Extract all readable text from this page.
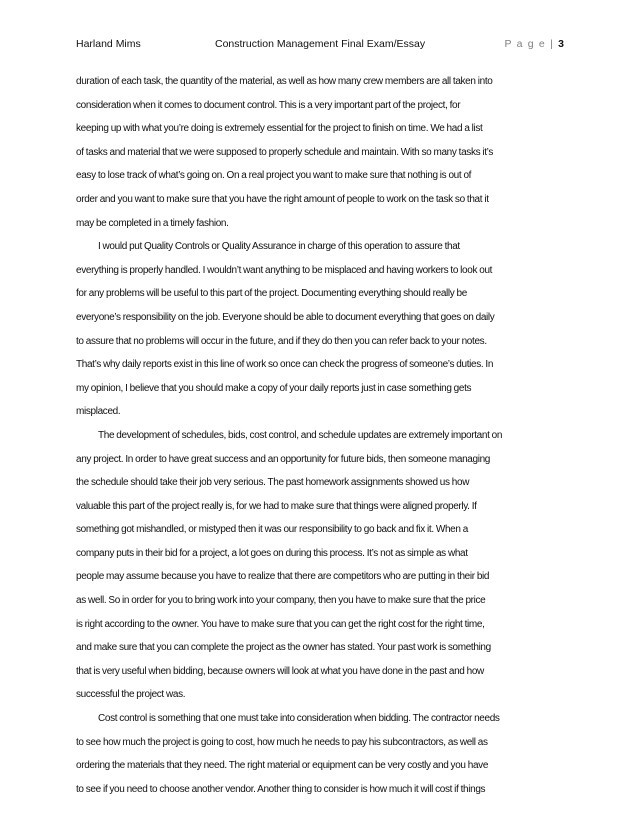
Harland Mims	Construction Management Final Exam/Essay	P a g e | 3

duration of each task, the quantity of the material, as well as how many crew members are all taken into
consideration when it comes to document control. This is a very important part of the project, for
keeping up with what you’re doing is extremely essential for the project to finish on time. We had a list
of tasks and material that we were supposed to properly schedule and maintain. With so many tasks it’s
easy to lose track of what’s going on. On a real project you want to make sure that nothing is out of
order and you want to make sure that you have the right amount of people to work on the task so that it
may be completed in a timely fashion.

I would put Quality Controls or Quality Assurance in charge of this operation to assure that
everything is properly handled. I wouldn’t want anything to be misplaced and having workers to look out
for any problems will be useful to this part of the project. Documenting everything should really be
everyone’s responsibility on the job. Everyone should be able to document everything that goes on daily
to assure that no problems will occur in the future, and if they do then you can refer back to your notes.
That’s why daily reports exist in this line of work so once can check the progress of someone’s duties. In
my opinion, I believe that you should make a copy of your daily reports just in case something gets
misplaced.

The development of schedules, bids, cost control, and schedule updates are extremely important on
any project. In order to have great success and an opportunity for future bids, then someone managing
the schedule should take their job very serious. The past homework assignments showed us how
valuable this part of the project really is, for we had to make sure that things were aligned properly. If
something got mishandled, or mistyped then it was our responsibility to go back and fix it. When a
company puts in their bid for a project, a lot goes on during this process. It’s not as simple as what
people may assume because you have to realize that there are competitors who are putting in their bid
as well. So in order for you to bring work into your company, then you have to make sure that the price
is right according to the owner. You have to make sure that you can get the right cost for the right time,
and make sure that you can complete the project as the owner has stated. Your past work is something
that is very useful when bidding, because owners will look at what you have done in the past and how
successful the project was.

Cost control is something that one must take into consideration when bidding. The contractor needs
to see how much the project is going to cost, how much he needs to pay his subcontractors, as well as
ordering the materials that they need. The right material or equipment can be very costly and you have
to see if you need to choose another vendor. Another thing to consider is how much it will cost if things
